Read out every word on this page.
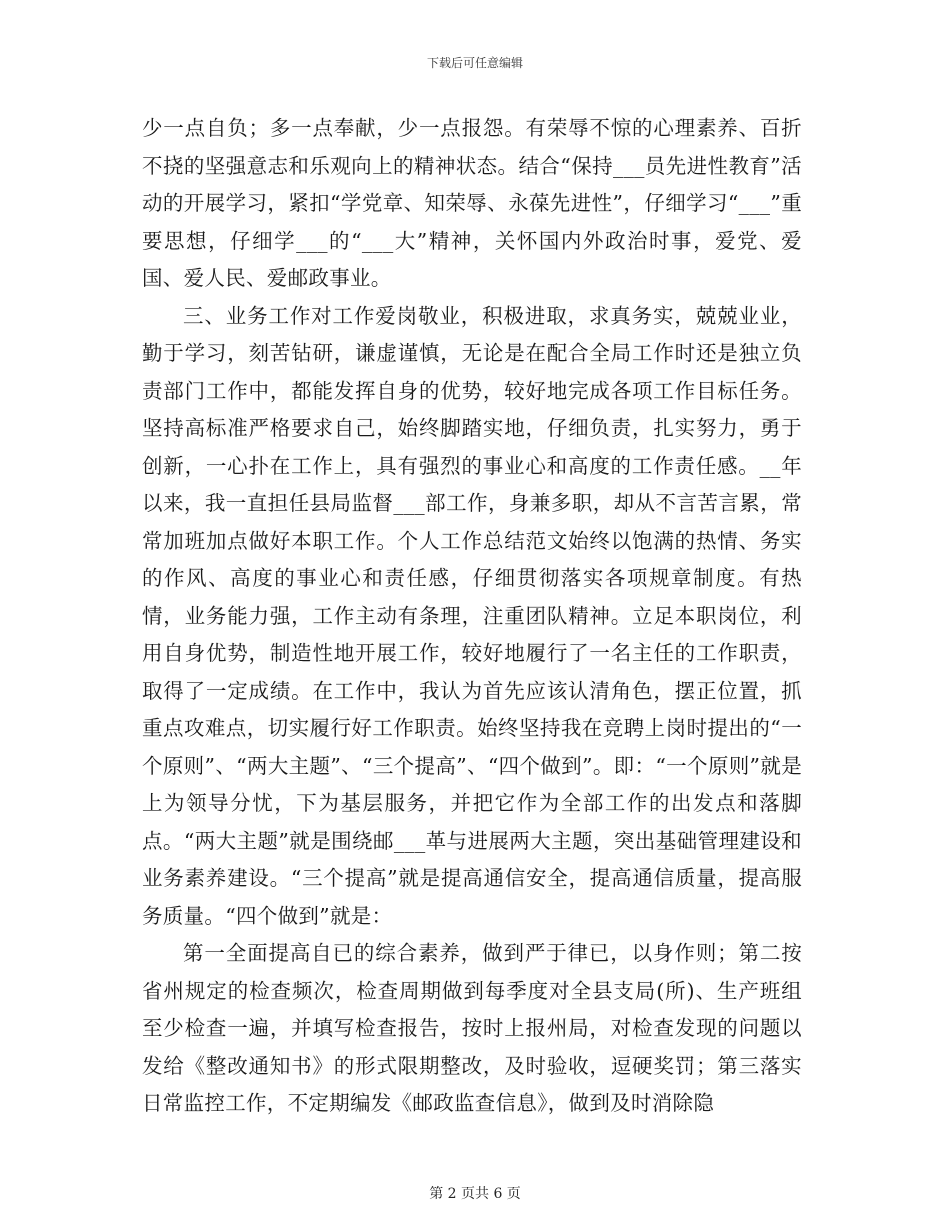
下载后可任意编辑

少一点自负；多一点奉献，少一点报怨。有荣辱不惊的心理素养、百折不挠的坚强意志和乐观向上的精神状态。结合“保持___员先进性教育”活动的开展学习，紧扣“学党章、知荣辱、永葆先进性”，仔细学习“___”重要思想，仔细学___的“___大”精神，关怀国内外政治时事，爱党、爱国、爱人民、爱邮政事业。

三、业务工作对工作爱岗敬业，积极进取，求真务实，兢兢业业，勤于学习，刻苦钻研，谦虚谨慎，无论是在配合全局工作时还是独立负责部门工作中，都能发挥自身的优势，较好地完成各项工作目标任务。坚持高标准严格要求自己，始终脚踏实地，仔细负责，扎实努力，勇于创新，一心扑在工作上，具有强烈的事业心和高度的工作责任感。__年以来，我一直担任县局监督___部工作，身兼多职，却从不言苦言累，常常加班加点做好本职工作。个人工作总结范文始终以饱满的热情、务实的作风、高度的事业心和责任感，仔细贯彻落实各项规章制度。有热情，业务能力强，工作主动有条理，注重团队精神。立足本职岗位，利用自身优势，制造性地开展工作，较好地履行了一名主任的工作职责，取得了一定成绩。在工作中，我认为首先应该认清角色，摆正位置，抓重点攻难点，切实履行好工作职责。始终坚持我在竞聘上岗时提出的“一个原则”、“两大主题”、“三个提高”、“四个做到”。即：“一个原则”就是上为领导分忧，下为基层服务，并把它作为全部工作的出发点和落脚点。“两大主题”就是围绕邮___革与进展两大主题，突出基础管理建设和业务素养建设。“三个提高”就是提高通信安全，提高通信质量，提高服务质量。“四个做到”就是：

第一全面提高自已的综合素养，做到严于律已，以身作则；第二按省州规定的检查频次，检查周期做到每季度对全县支局(所)、生产班组至少检查一遍，并填写检查报告，按时上报州局，对检查发现的问题以发给《整改通知书》的形式限期整改，及时验收，逗硬奖罚；第三落实日常监控工作，不定期编发《邮政监查信息》，做到及时消除隐

第 2 页共 6 页
